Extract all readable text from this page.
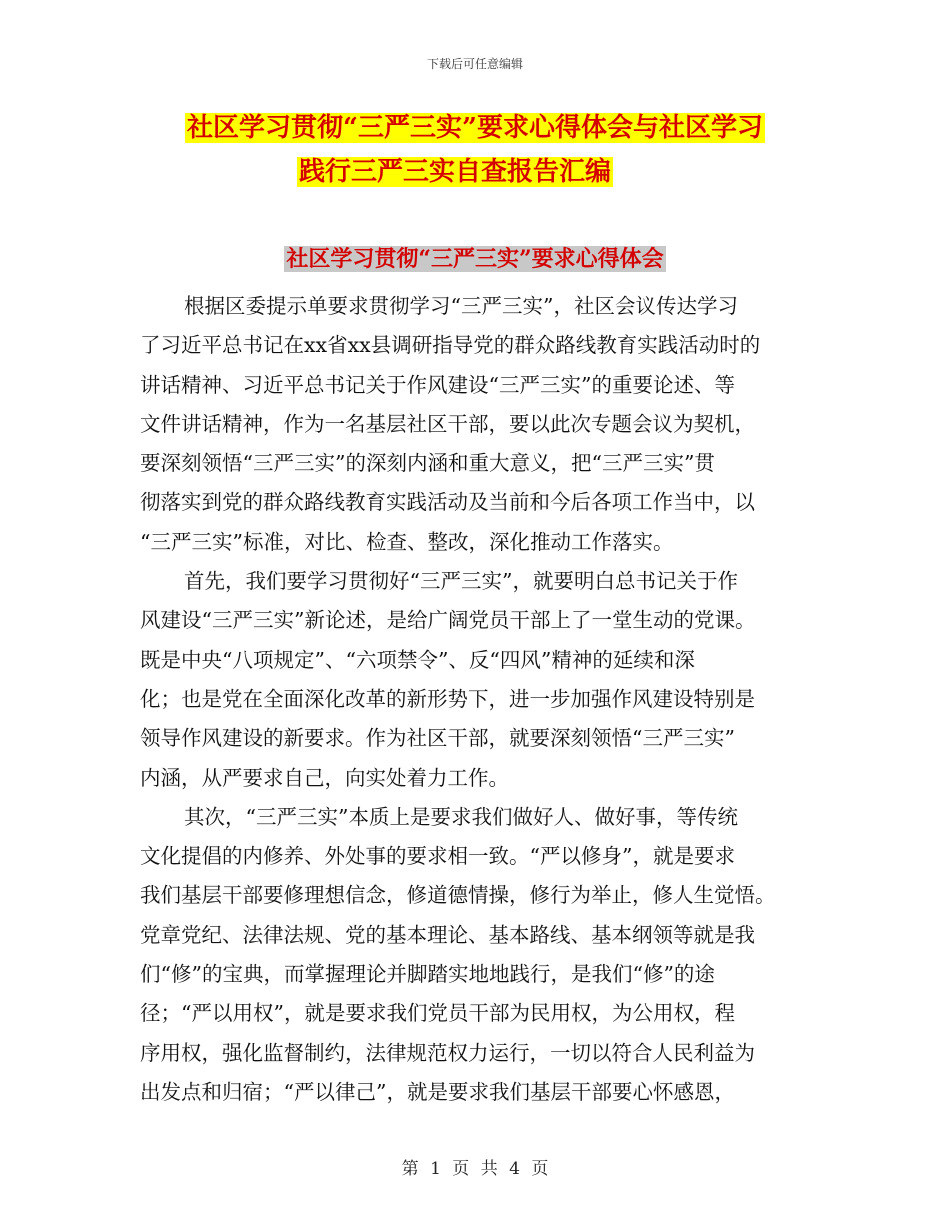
下载后可任意编辑
社区学习贯彻“三严三实”要求心得体会与社区学习
践行三严三实自查报告汇编
社区学习贯彻“三严三实”要求心得体会
根据区委提示单要求贯彻学习“三严三实”，社区会议传达学习
了习近平总书记在xx省xx县调研指导党的群众路线教育实践活动时的
讲话精神、习近平总书记关于作风建设“三严三实”的重要论述、等
文件讲话精神，作为一名基层社区干部，要以此次专题会议为契机，
要深刻领悟“三严三实”的深刻内涵和重大意义，把“三严三实”贯
彻落实到党的群众路线教育实践活动及当前和今后各项工作当中，以
“三严三实”标准，对比、检查、整改，深化推动工作落实。
首先，我们要学习贯彻好“三严三实”，就要明白总书记关于作
风建设“三严三实”新论述，是给广阔党员干部上了一堂生动的党课。
既是中央“八项规定”、“六项禁令”、反“四风”精神的延续和深
化；也是党在全面深化改革的新形势下，进一步加强作风建设特别是
领导作风建设的新要求。作为社区干部，就要深刻领悟“三严三实”
内涵，从严要求自己，向实处着力工作。
其次，“三严三实”本质上是要求我们做好人、做好事，等传统
文化提倡的内修养、外处事的要求相一致。“严以修身”，就是要求
我们基层干部要修理想信念，修道德情操，修行为举止，修人生觉悟。
党章党纪、法律法规、党的基本理论、基本路线、基本纲领等就是我
们“修”的宝典，而掌握理论并脚踏实地地践行，是我们“修”的途
径；“严以用权”，就是要求我们党员干部为民用权，为公用权，程
序用权，强化监督制约，法律规范权力运行，一切以符合人民利益为
出发点和归宿；“严以律己”，就是要求我们基层干部要心怀感恩，
第 1 页 共 4 页
